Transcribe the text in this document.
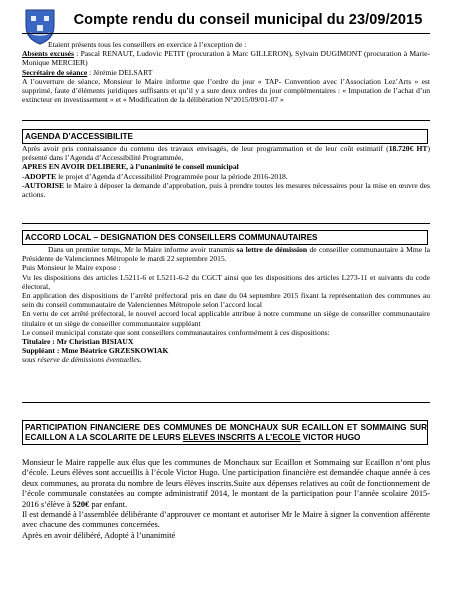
Compte rendu du conseil municipal du 23/09/2015

Etaient présents tous les conseillers en exercice à l’exception de :

Absents excusés : Pascal RENAUT, Ludovic PETIT (procuration à Marc GILLERON), Sylvain DUGIMONT (procuration à Marie-Monique MERCIER)

Secrétaire de séance : Jérémie DELSART

A l’ouverture de séance, Monsieur le Maire informe que l’ordre du jour « TAP- Convention avec l’Association Lez’Arts » est supprimé, faute d’éléments juridiques suffisants et qu’il y a sure deux ordres du jour complémentaires : « Imputation de l’achat d’un extincteur en investissement » et « Modification de la délibération N°2015/09/01-07 »

AGENDA D’ACCESSIBILITE

Après avoir pris connaissance du contenu des travaux envisagés, de leur programmation et de leur coût estimatif (18.720€ HT) présenté dans l’Agenda d’Accessibilité Programmée,

APRES EN AVOIR DELIBERE, à l’unanimité le conseil municipal

-ADOPTE le projet d’Agenda d’Accessibilité Programmée pour la période 2016-2018.

-AUTORISE le Maire à déposer la demande d’approbation, puis à prendre toutes les mesures nécessaires pour la mise en œuvre des actions.

ACCORD LOCAL – DESIGNATION DES CONSEILLERS COMMUNAUTAIRES

Dans un premier temps, Mr le Maire informe avoir transmis sa lettre de démission de conseiller communautaire à Mme la Présidente de Valenciennes Métropole le mardi 22 septembre 2015.

Puis Monsieur le Maire expose :

Vu les dispositions des articles L5211-6 et L5211-6-2 du CGCT ainsi que les dispositions des articles L273-11 et suivants du code électoral,

En application des dispositions de l’arrêté préfectoral pris en date du 04 septembre 2015 fixant la représentation des communes au sein du conseil communautaire de Valenciennes Métropole selon l’accord local

En vertu de cet arrêté préfectoral, le nouvel accord local applicable attribue à notre commune un siège de conseiller communautaire titulaire et un siège de conseiller communautaire suppléant

Le conseil municipal constate que sont conseillers communautaires conformément à ces dispositions:

Titulaire : Mr Christian BISIAUX

Suppléant : Mme Béatrice GRZESKOWIAK

sous réserve de démissions éventuelles.

PARTICIPATION FINANCIERE DES COMMUNES DE MONCHAUX SUR ECAILLON ET SOMMAING SUR ECAILLON A LA SCOLARITE DE LEURS ELEVES INSCRITS A L’ECOLE VICTOR HUGO

Monsieur le Maire rappelle aux élus que les communes de Monchaux sur Ecaillon et Sommaing sur Ecaillon n’ont plus d’école. Leurs élèves sont accueillis à l’école Victor Hugo. Une participation financière est demandée chaque année à ces deux communes, au prorata du nombre de leurs élèves inscrits.Suite aux dépenses relatives au coût de fonctionnement de l’école communale constatées au compte administratif 2014, le montant de la participation pour l’année scolaire 2015-2016 s’élève à 520€ par enfant.

Il est demandé à l’assemblée délibérante d’approuver ce montant et autoriser Mr le Maire à signer la convention afférente avec chacune des communes concernées.

Après en avoir délibéré, Adopté à l’unanimité
